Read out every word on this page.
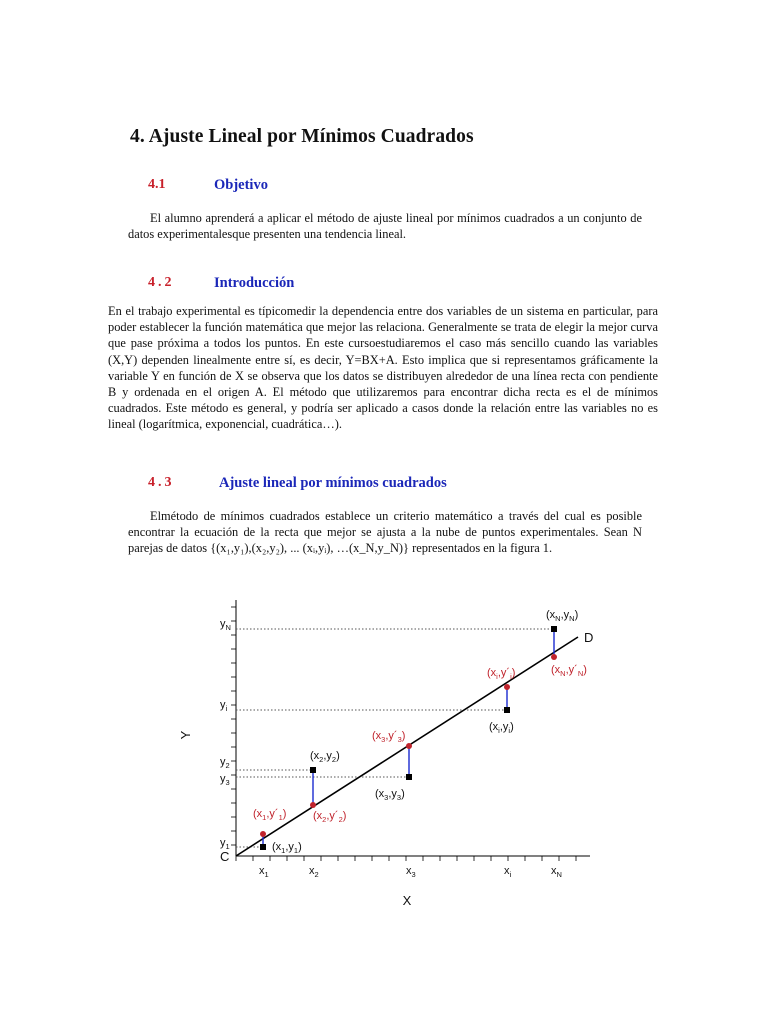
4. Ajuste Lineal por Mínimos Cuadrados
4.1	Objetivo

El alumno aprenderá a aplicar el método de ajuste lineal por mínimos cuadrados a un conjunto de datos experimentalesque presenten una tendencia lineal.

4.2	Introducción

En el trabajo experimental es típicomedir la dependencia entre dos variables de un sistema en particular, para poder establecer la función matemática que mejor las relaciona. Generalmente se trata de elegir la mejor curva que pase próxima a todos los puntos. En este cursoestudiaremos el caso más sencillo cuando las variables (X,Y) dependen linealmente entre sí, es decir, Y=BX+A. Esto implica que si representamos gráficamente la variable Y en función de X se observa que los datos se distribuyen alrededor de una línea recta con pendiente B y ordenada en el origen A. El método que utilizaremos para encontrar dicha recta es el de mínimos cuadrados. Este método es general, y podría ser aplicado a casos donde la relación entre las variables no es lineal (logarítmica, exponencial, cuadrática…).

4.3	Ajuste lineal por mínimos cuadrados

Elmétodo de mínimos cuadrados establece un criterio matemático a través del cual es posible encontrar la ecuación de la recta que mejor se ajusta a la nube de puntos experimentales. Sean N parejas de datos {(x₁,y₁),(x₂,y₂), ... (xᵢ,yᵢ), …(x_N,y_N)} representados en la figura 1.

X
Y
D
C
$y_N$
$y_i$
$y_2$
$y_3$
$y_1$
$x_1$	$x_2$	$x_3$	$x_i$	$x_N$
$(x_1,y_1)$
$(x_2,y_2)$
$(x_3,y_3)$
$(x_i,y_i)$
$(x_N,y_N)$
$(x_1,y´_1)$ $(x_2,y´_2)$
$(x_3,y´_3)$
$(x_i,y´_i)$	$(x_N,y´_N)$
